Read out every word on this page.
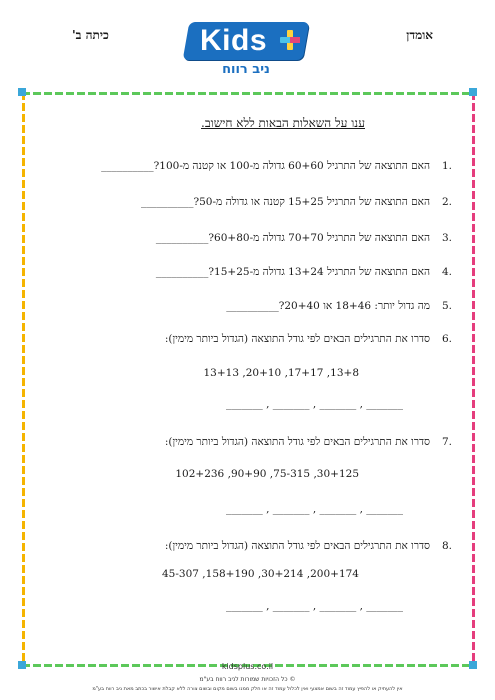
כיתה ב'	אומדן
Kids
ניב רווח
ענו על השאלות הבאות ללא חישוב.
.1
האם התוצאה של התרגיל 60+60 גדולה מ-100 או קטנה מ-100?__________
.2
האם התוצאה של התרגיל 15+25 קטנה או גדולה מ-50?__________
.3
האם התוצאה של התרגיל 70+70 גדולה מ-60+80?__________
.4
האם התוצאה של התרגיל 13+24 גדולה מ-15+25?__________
.5
מה גדול יותר: 18+46 או 20+40?__________
.6
סדרו את התרגילים הבאים לפי גודל התוצאה (הגדול ביותר מימין):
13+8, 17+17, 20+10, 13+13
_______ , _______ , _______ , _______
.7
סדרו את התרגילים הבאים לפי גודל התוצאה (הגדול ביותר מימין):
30+125, 75-315, 90+90, 102+236
_______ , _______ , _______ , _______
.8
סדרו את התרגילים הבאים לפי גודל התוצאה (הגדול ביותר מימין):
200+174, 30+214, 158+190, 45-307
_______ , _______ , _______ , _______
kidsplus.co.il
© כל הזכויות שמורות לניב רווח בע"מ
אין להעתיק או להפיץ עמוד זה בשום אמצעי ואין לכלול עמוד זה או חלק ממנו בשום מקום ובשום צורה ללא קבלת אישור בכתב מאת ניב רווח בע"מ
